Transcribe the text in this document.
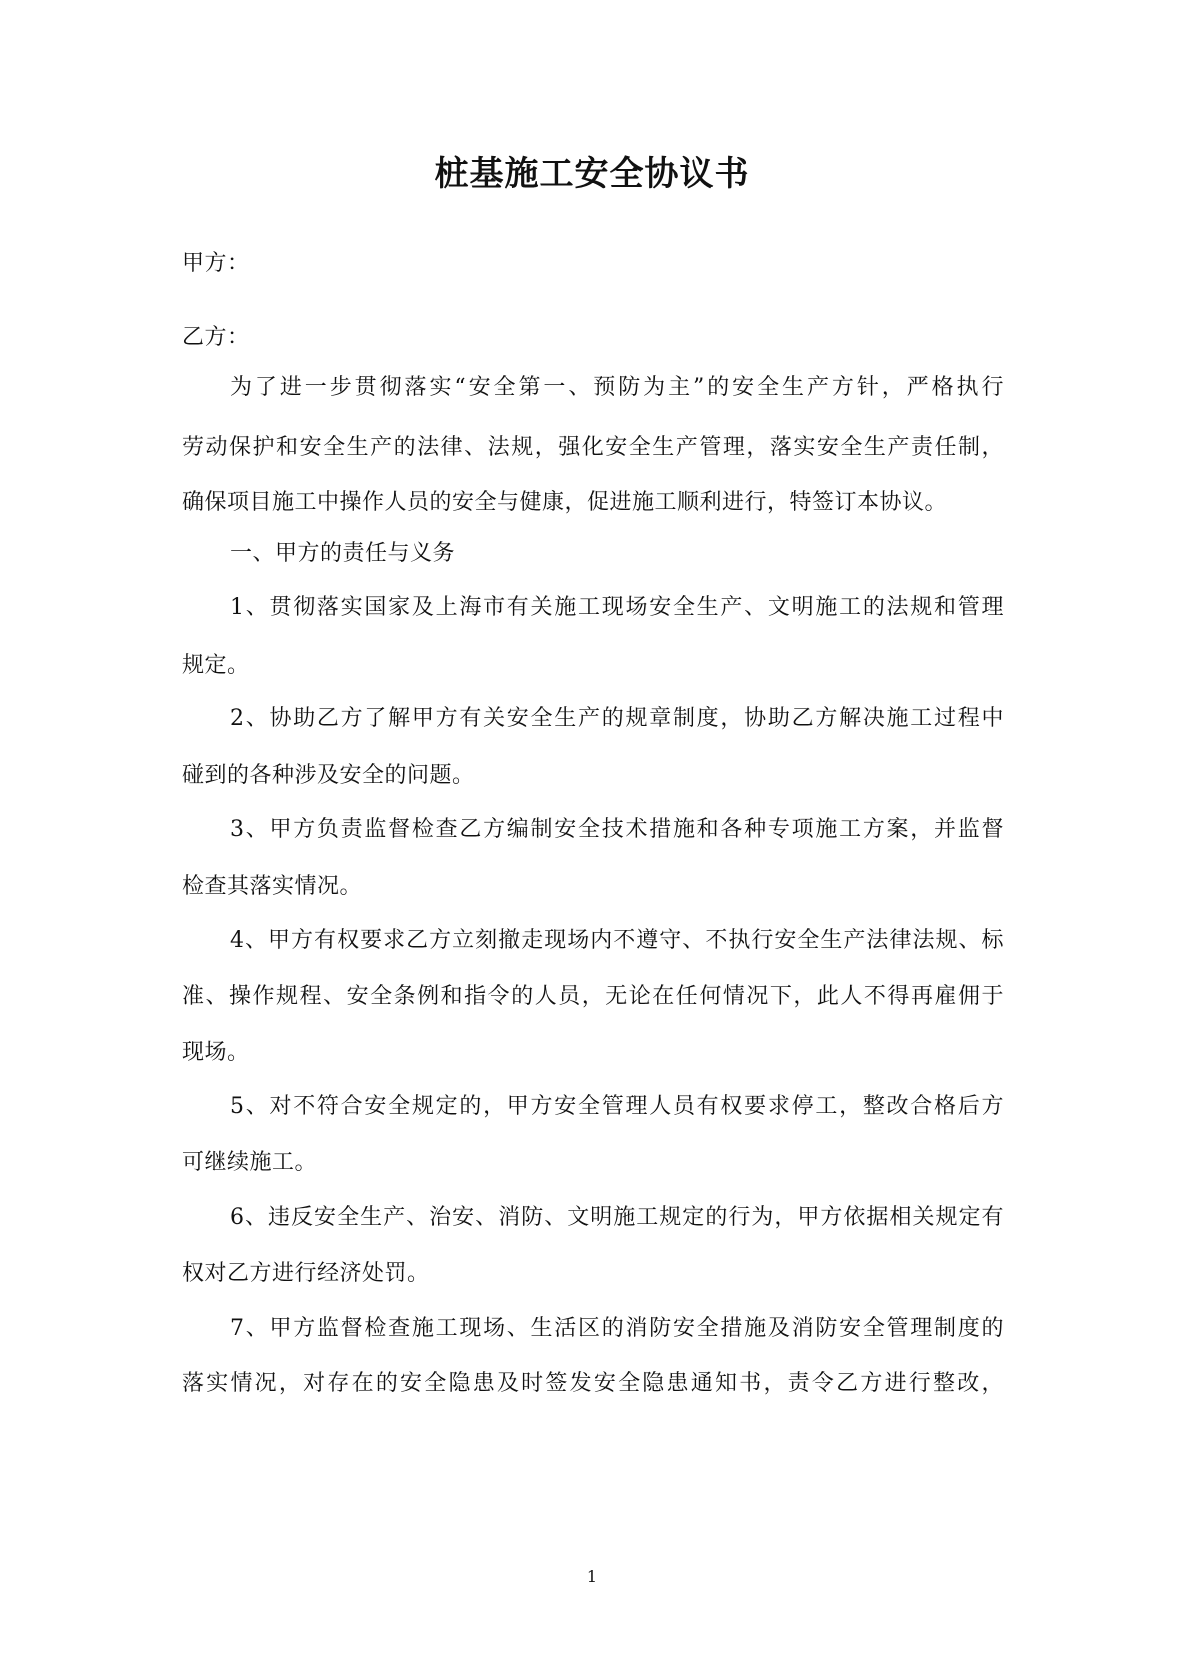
桩基施工安全协议书
甲方：
乙方：
为了进一步贯彻落实“安全第一、预防为主”的安全生产方针，严格执行
劳动保护和安全生产的法律、法规，强化安全生产管理，落实安全生产责任制，
确保项目施工中操作人员的安全与健康，促进施工顺利进行，特签订本协议。
一、甲方的责任与义务
1、贯彻落实国家及上海市有关施工现场安全生产、文明施工的法规和管理
规定。
2、协助乙方了解甲方有关安全生产的规章制度，协助乙方解决施工过程中
碰到的各种涉及安全的问题。
3、甲方负责监督检查乙方编制安全技术措施和各种专项施工方案，并监督
检查其落实情况。
4、甲方有权要求乙方立刻撤走现场内不遵守、不执行安全生产法律法规、标
准、操作规程、安全条例和指令的人员，无论在任何情况下，此人不得再雇佣于
现场。
5、对不符合安全规定的，甲方安全管理人员有权要求停工，整改合格后方
可继续施工。
6、违反安全生产、治安、消防、文明施工规定的行为，甲方依据相关规定有
权对乙方进行经济处罚。
7、甲方监督检查施工现场、生活区的消防安全措施及消防安全管理制度的
落实情况，对存在的安全隐患及时签发安全隐患通知书，责令乙方进行整改，
1
